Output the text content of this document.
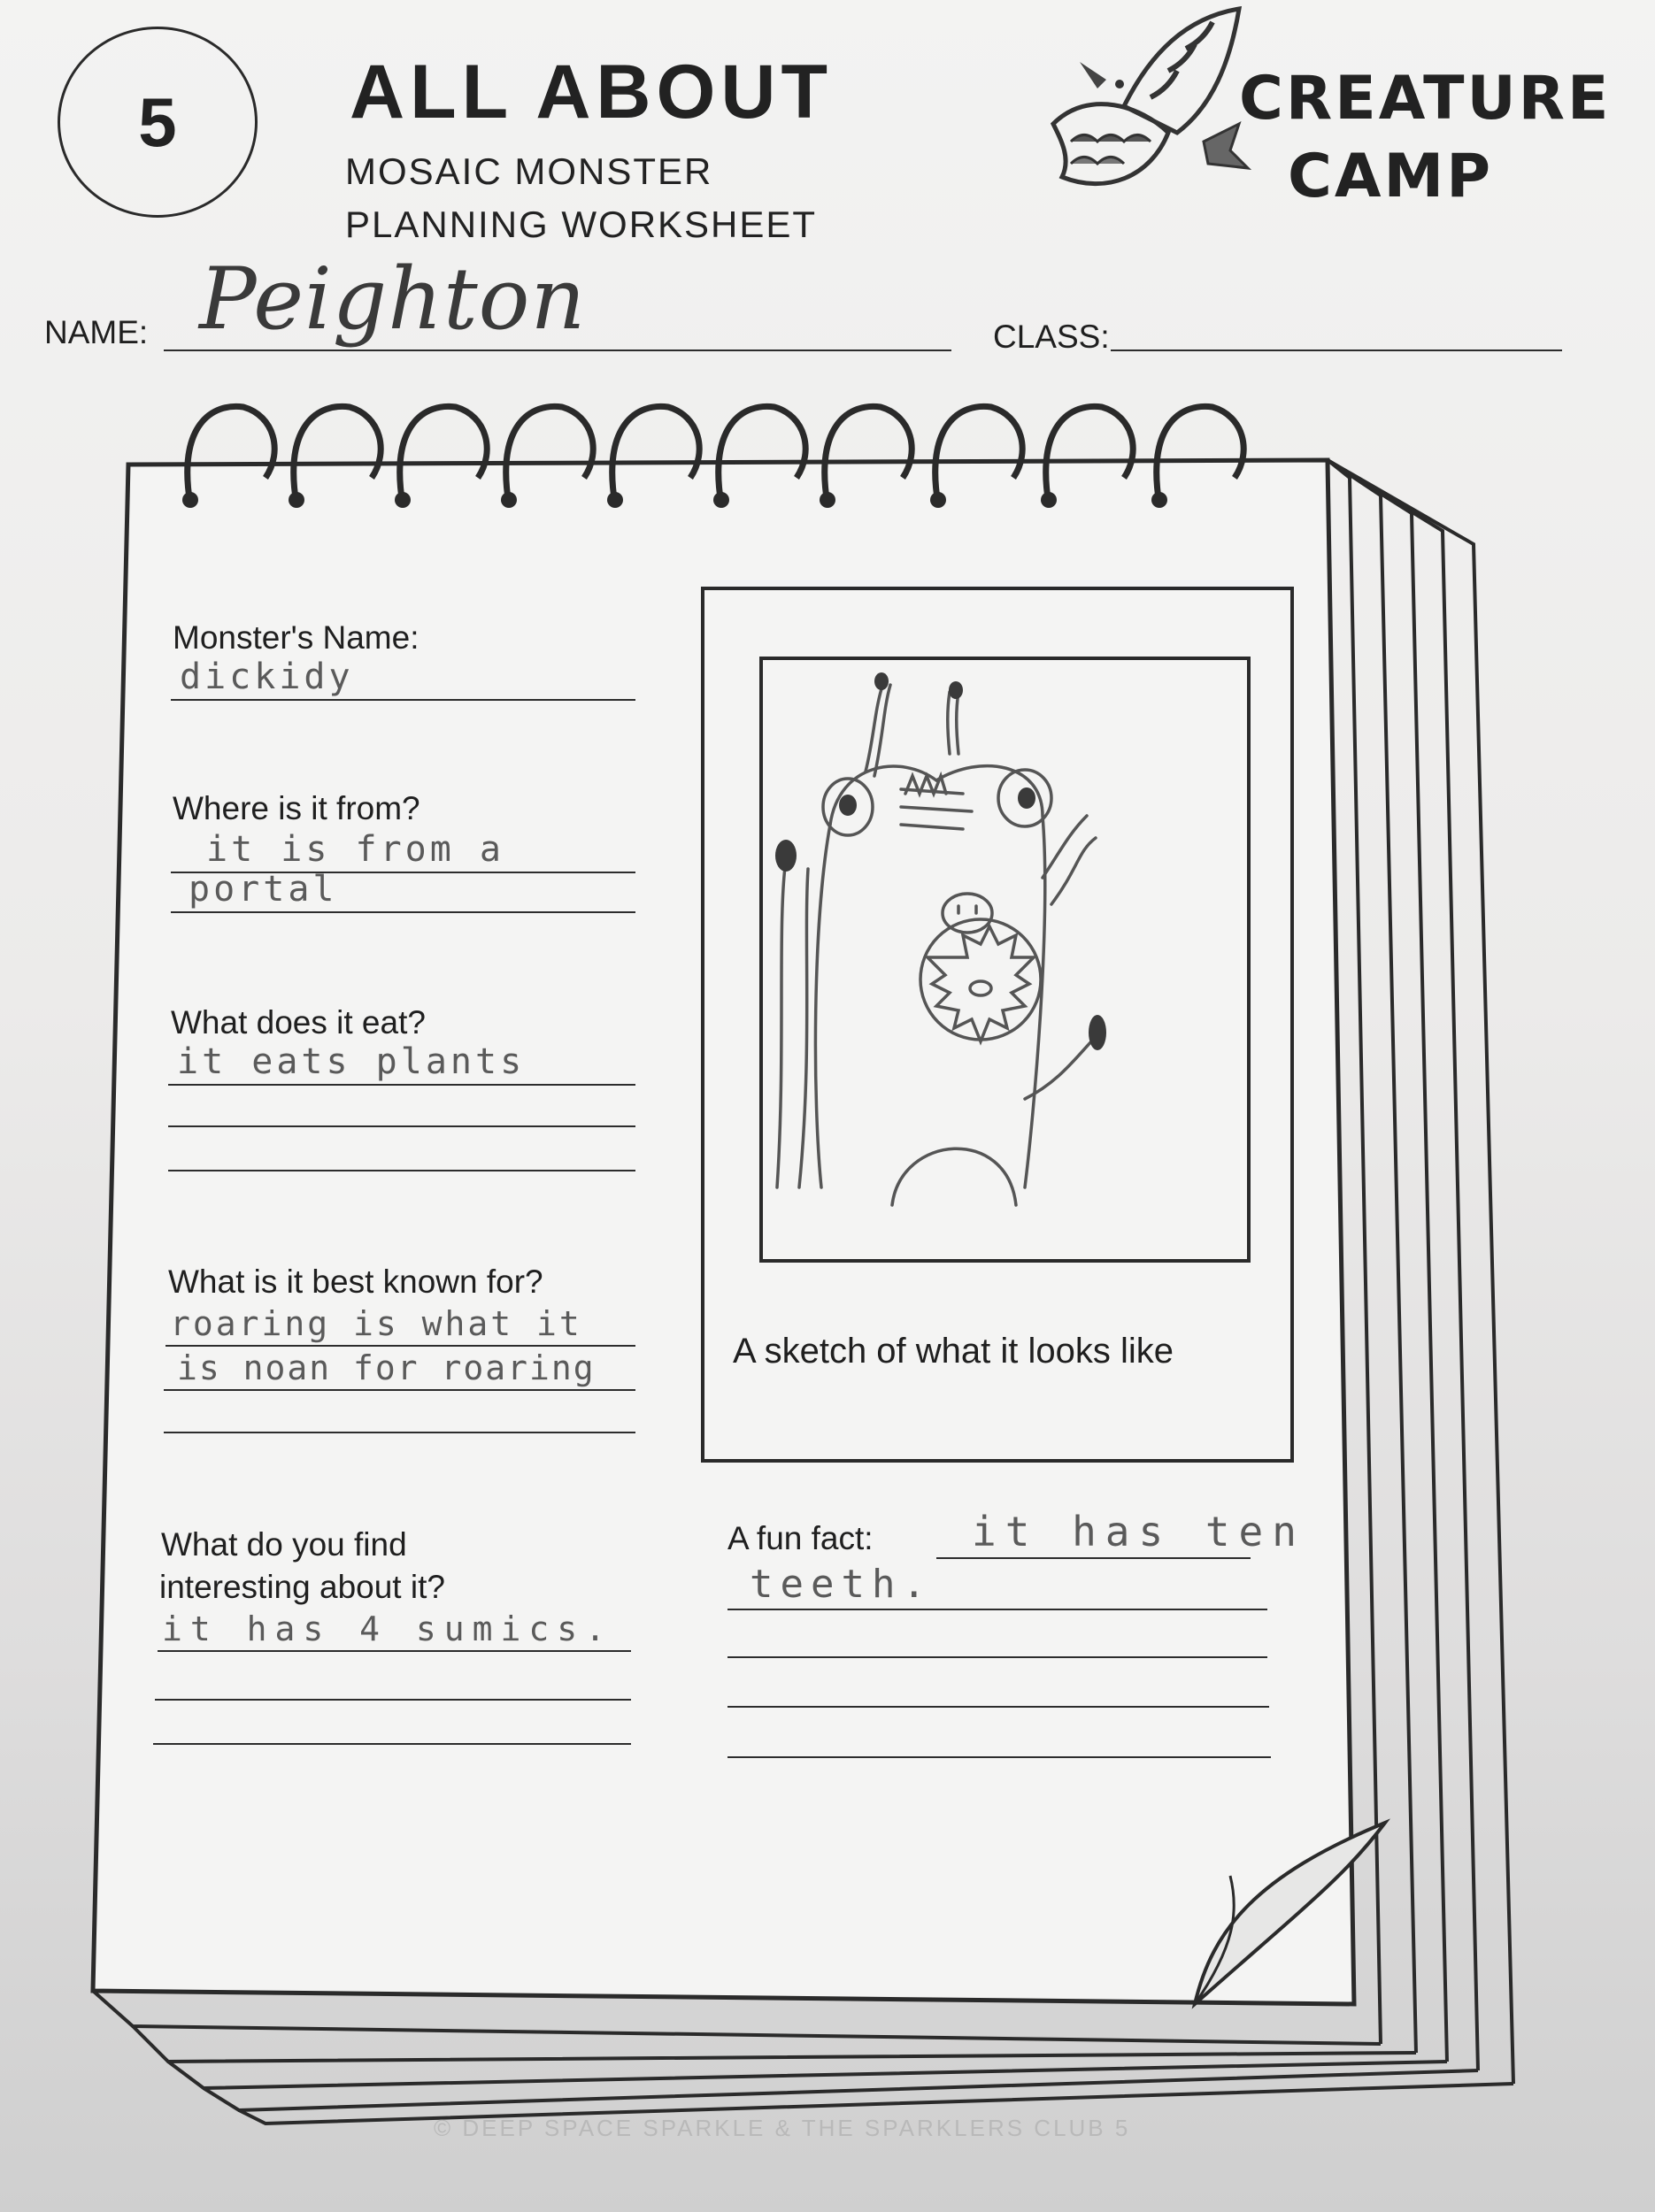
5 ALL ABOUT
MOSAIC MONSTER
PLANNING WORKSHEET
CREATURE
CAMP
NAME: Peighton	CLASS:
A sketch of what it looks like
Monster's Name:
dickidy
Where is it from?
it is from a
portal
What does it eat?
it eats plants
What is it best known for?
roaring is what it
is noan for roaring
What do you find
interesting about it?
it has 4 sumics.
A fun fact: it has ten
teeth.
© DEEP SPACE SPARKLE & THE SPARKLERS CLUB 5
